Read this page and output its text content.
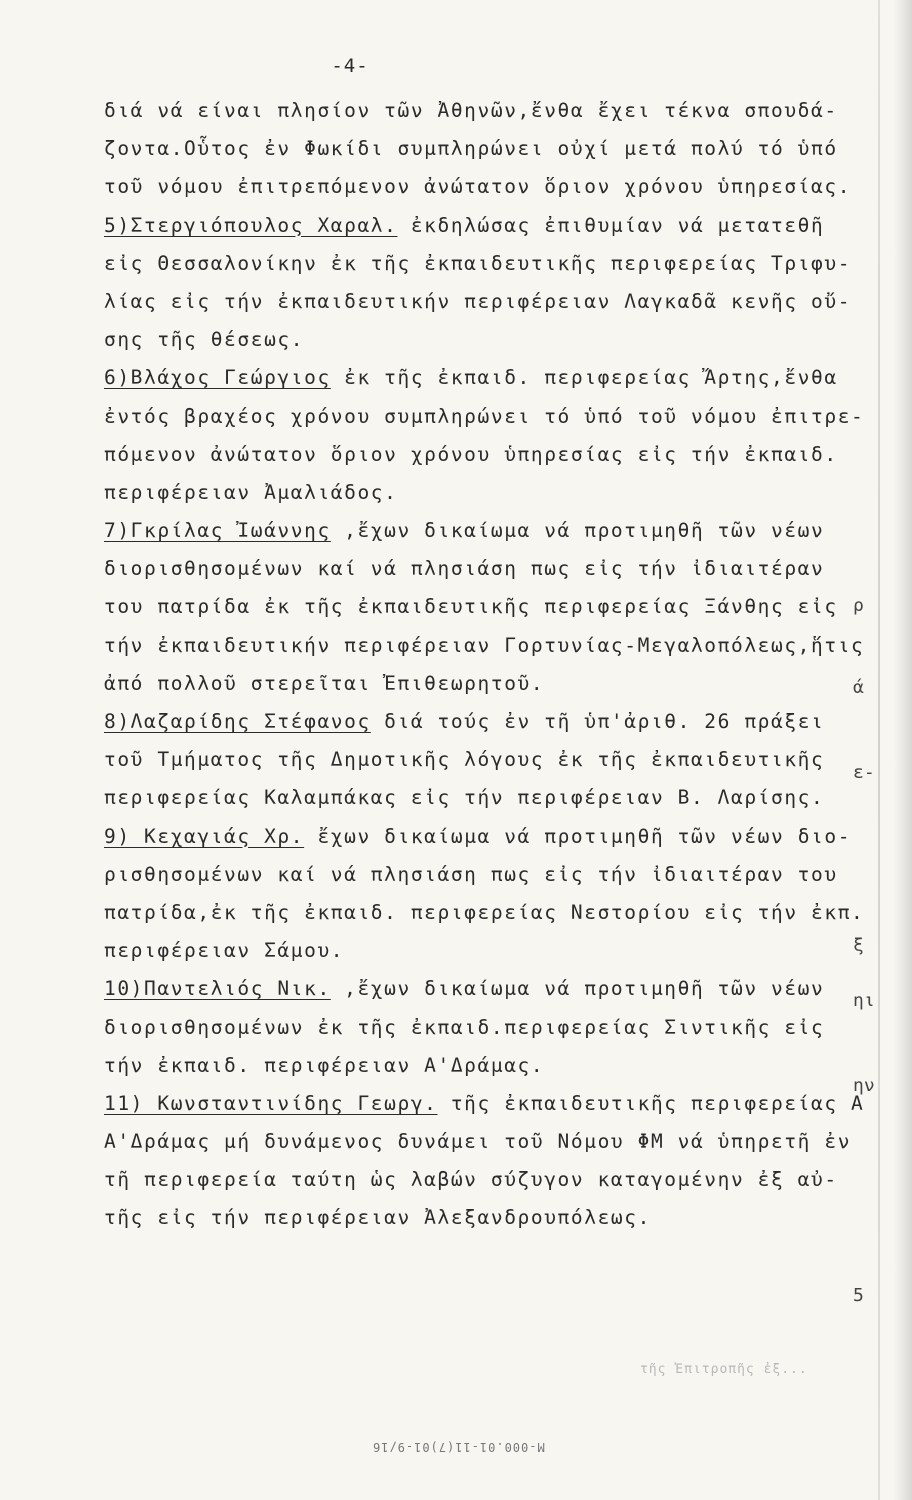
-4-
διά νά είναι πλησίον τῶν Ἀθηνῶν,ἔνθα ἔχει τέκνα σπουδά-
ζοντα.Οὗτος ἐν Φωκίδι συμπληρώνει οὐχί μετά πολύ τό ὑπό
τοῦ νόμου ἐπιτρεπόμενον ἀνώτατον ὅριον χρόνου ὑπηρεσίας.
5)Στεργιόπουλος Χαραλ. ἐκδηλώσας ἐπιθυμίαν νά μετατεθῆ
εἰς Θεσσαλονίκην ἐκ τῆς ἐκπαιδευτικῆς περιφερείας Τριφυ-
λίας εἰς τήν ἐκπαιδευτικήν περιφέρειαν Λαγκαδᾶ κενῆς οὔ-
σης τῆς θέσεως.
6)Βλάχος Γεώργιος ἐκ τῆς ἐκπαιδ. περιφερείας Ἄρτης,ἔνθα
ἐντός βραχέος χρόνου συμπληρώνει τό ὑπό τοῦ νόμου ἐπιτρε-
πόμενον ἀνώτατον ὅριον χρόνου ὑπηρεσίας εἰς τήν ἐκπαιδ.
περιφέρειαν Ἀμαλιάδος.
7)Γκρίλας Ἰωάννης ,ἔχων δικαίωμα νά προτιμηθῆ τῶν νέων
διορισθησομένων καί νά πλησιάση πως εἰς τήν ἰδιαιτέραν
του πατρίδα ἐκ τῆς ἐκπαιδευτικῆς περιφερείας Ξάνθης εἰς
τήν ἐκπαιδευτικήν περιφέρειαν Γορτυνίας-Μεγαλοπόλεως,ἥτις
ἀπό πολλοῦ στερεῖται Ἐπιθεωρητοῦ.
8)Λαζαρίδης Στέφανος διά τούς ἐν τῆ ὑπ'ἀριθ. 26 πράξει
τοῦ Τμήματος τῆς Δημοτικῆς λόγους ἐκ τῆς ἐκπαιδευτικῆς
περιφερείας Καλαμπάκας εἰς τήν περιφέρειαν Β. Λαρίσης.
9) Κεχαγιάς Χρ. ἔχων δικαίωμα νά προτιμηθῆ τῶν νέων διο-
ρισθησομένων καί νά πλησιάση πως εἰς τήν ἰδιαιτέραν του
πατρίδα,ἐκ τῆς ἐκπαιδ. περιφερείας Νεστορίου εἰς τήν ἐκπ.
περιφέρειαν Σάμου.
10)Παντελιός Νικ. ,ἔχων δικαίωμα νά προτιμηθῆ τῶν νέων
διορισθησομένων ἐκ τῆς ἐκπαιδ.περιφερείας Σιντικῆς εἰς
τήν ἐκπαιδ. περιφέρειαν Α'Δράμας.
11) Κωνσταντινίδης Γεωργ. τῆς ἐκπαιδευτικῆς περιφερείας Α
Α'Δράμας μή δυνάμενος δυνάμει τοῦ Νόμου ΦΜ νά ὑπηρετῆ ἐν
τῆ περιφερεία ταύτη ὡς λαβών σύζυγον καταγομένην ἐξ αὐ-
τῆς εἰς τήν περιφέρειαν Ἀλεξανδρουπόλεως.
ρ
ά
ε-
ξ
ηι
ην
5
τῆς Ἐπιτροπῆς ἐξ...
M-000.01-11(7)01-9/16
